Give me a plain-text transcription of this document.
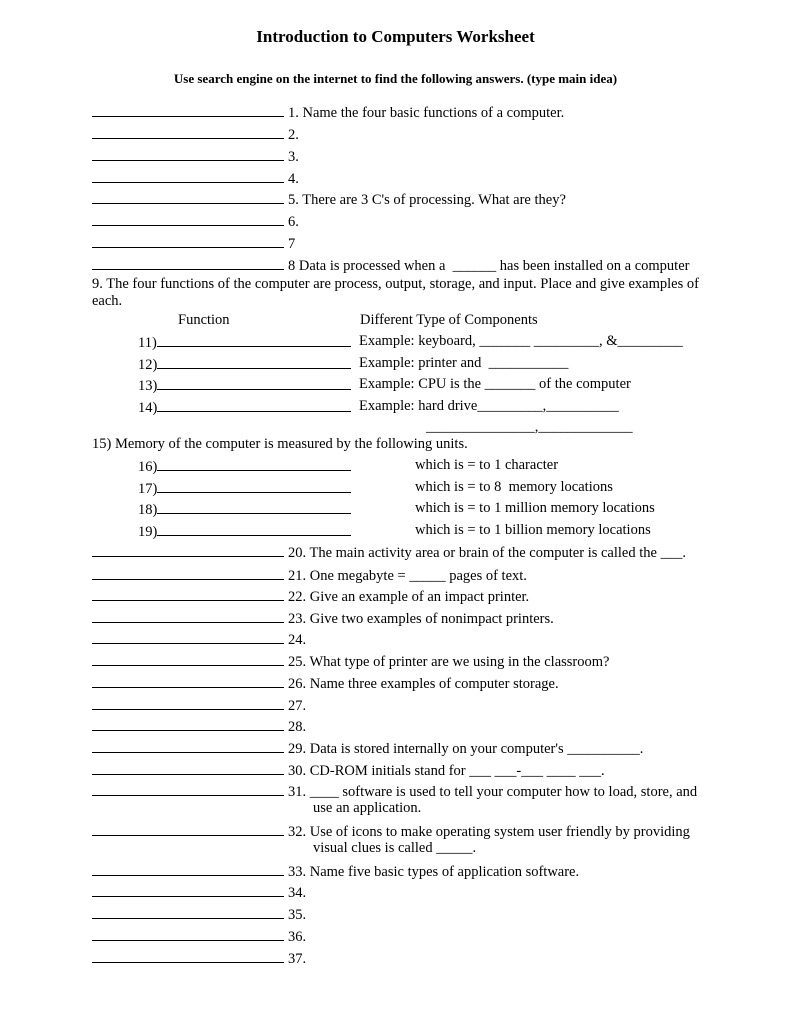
Introduction to Computers Worksheet
Use search engine on the internet to find the following answers. (type main idea)
1. Name the four basic functions of a computer.
2.
3.
4.
5. There are 3 C's of processing. What are they?
6.
7
8 Data is processed when a  ______ has been installed on a computer
9. The four functions of the computer are process, output, storage, and input. Place and give examples of each.
Function	Different Type of Components
11)	Example: keyboard, _______ _________, &_________
12)	Example: printer and  ___________
13)	Example: CPU is the _______ of the computer
14)	Example: hard drive_________,__________
_______________,_____________
15) Memory of the computer is measured by the following units.
16)	which is = to 1 character
17)	which is = to 8  memory locations
18)	which is = to 1 million memory locations
19)	which is = to 1 billion memory locations
20. The main activity area or brain of the computer is called the ___.
21. One megabyte = _____ pages of text.
22. Give an example of an impact printer.
23. Give two examples of nonimpact printers.
24.
25. What type of printer are we using in the classroom?
26. Name three examples of computer storage.
27.
28.
29. Data is stored internally on your computer's __________.
30. CD-ROM initials stand for ___ ___-___ ____ ___.
31. ____ software is used to tell your computer how to load, store, and
use an application.
32. Use of icons to make operating system user friendly by providing
visual clues is called _____.
33. Name five basic types of application software.
34.
35.
36.
37.
